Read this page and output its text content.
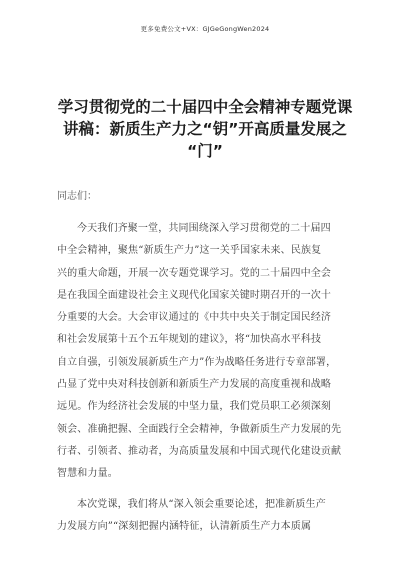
更多免费公文+VX：GJGeGongWen2024
学习贯彻党的二十届四中全会精神专题党课
讲稿：新质生产力之“钥”开高质量发展之
“门”
同志们：
今天我们齐聚一堂，共同围绕深入学习贯彻党的二十届四
中全会精神，聚焦“新质生产力”这一关乎国家未来、民族复
兴的重大命题，开展一次专题党课学习。党的二十届四中全会
是在我国全面建设社会主义现代化国家关键时期召开的一次十
分重要的大会。大会审议通过的《中共中央关于制定国民经济
和社会发展第十五个五年规划的建议》，将“加快高水平科技
自立自强，引领发展新质生产力”作为战略任务进行专章部署，
凸显了党中央对科技创新和新质生产力发展的高度重视和战略
远见。作为经济社会发展的中坚力量，我们党员职工必须深刻
领会、准确把握、全面践行全会精神，争做新质生产力发展的先
行者、引领者、推动者，为高质量发展和中国式现代化建设贡献
智慧和力量。
本次党课，我们将从“深入领会重要论述，把准新质生产
力发展方向”“深刻把握内涵特征，认清新质生产力本质属
